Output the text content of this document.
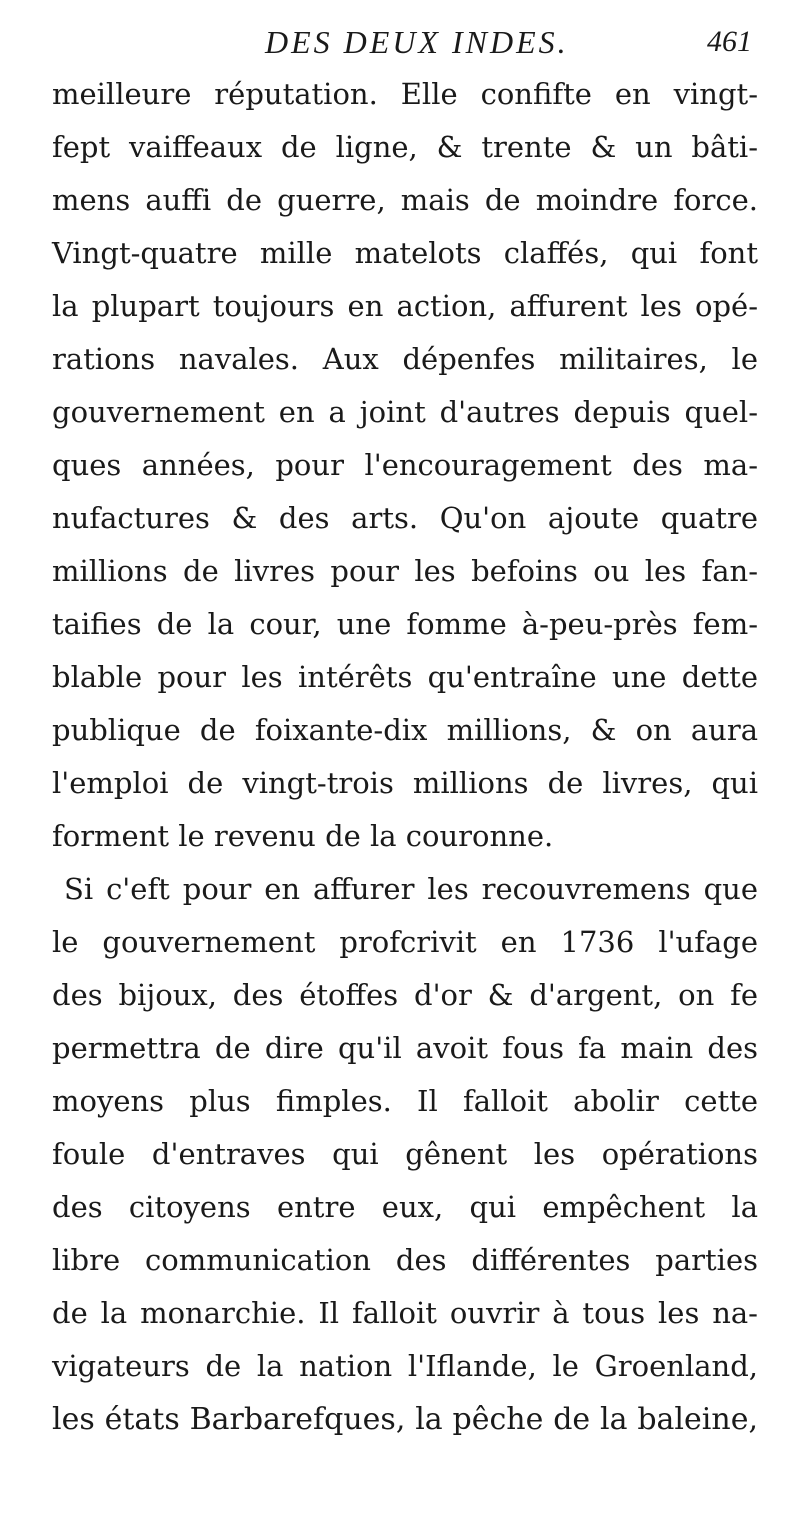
DES DEUX INDES.	461
meilleure réputation. Elle confifte en vingt-
fept vaiffeaux de ligne, & trente & un bâti-
mens auffi de guerre, mais de moindre force.
Vingt-quatre mille matelots claffés, qui font
la plupart toujours en action, affurent les opé-
rations navales. Aux dépenfes militaires, le
gouvernement en a joint d'autres depuis quel-
ques années, pour l'encouragement des ma-
nufactures & des arts. Qu'on ajoute quatre
millions de livres pour les befoins ou les fan-
taifies de la cour, une fomme à-peu-près fem-
blable pour les intérêts qu'entraîne une dette
publique de foixante-dix millions, & on aura
l'emploi de vingt-trois millions de livres, qui
forment le revenu de la couronne.
Si c'eft pour en affurer les recouvremens que
le gouvernement profcrivit en 1736 l'ufage
des bijoux, des étoffes d'or & d'argent, on fe
permettra de dire qu'il avoit fous fa main des
moyens plus fimples. Il falloit abolir cette
foule d'entraves qui gênent les opérations
des citoyens entre eux, qui empêchent la
libre communication des différentes parties
de la monarchie. Il falloit ouvrir à tous les na-
vigateurs de la nation l'Iflande, le Groenland,
les états Barbarefques, la pêche de la baleine,
